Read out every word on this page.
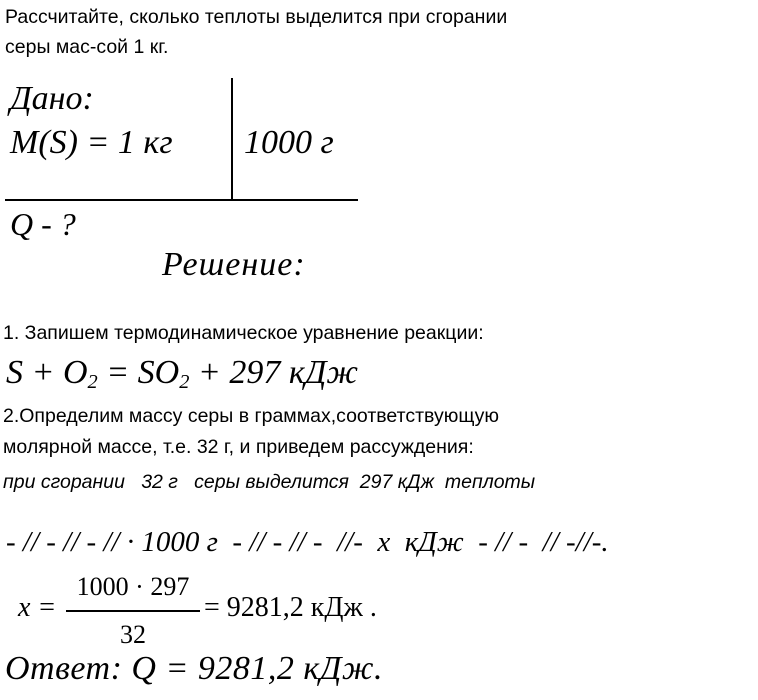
Рассчитайте, сколько теплоты выделится при сгорании
серы мас-сой 1 кг.
Дано:
M(S) = 1 кг 1000 г
Q - ?
Решение:
1. Запишем термодинамическое уравнение реакции:
$S + O_2 = SO_2 + 297$ кДж
2.Определим массу серы в граммах,соответствующую
молярной массе, т.е. 32 г, и приведем рассуждения:
при сгорании   32 г   серы выделится  297 кДж  теплоты
- // - // - // · 1000 г  - // - // -  //-  x  кДж  - // -  // -//-.
x =
1000 · 297
32
= 9281,2 кДж .
Ответ: Q = 9281,2 кДж.
